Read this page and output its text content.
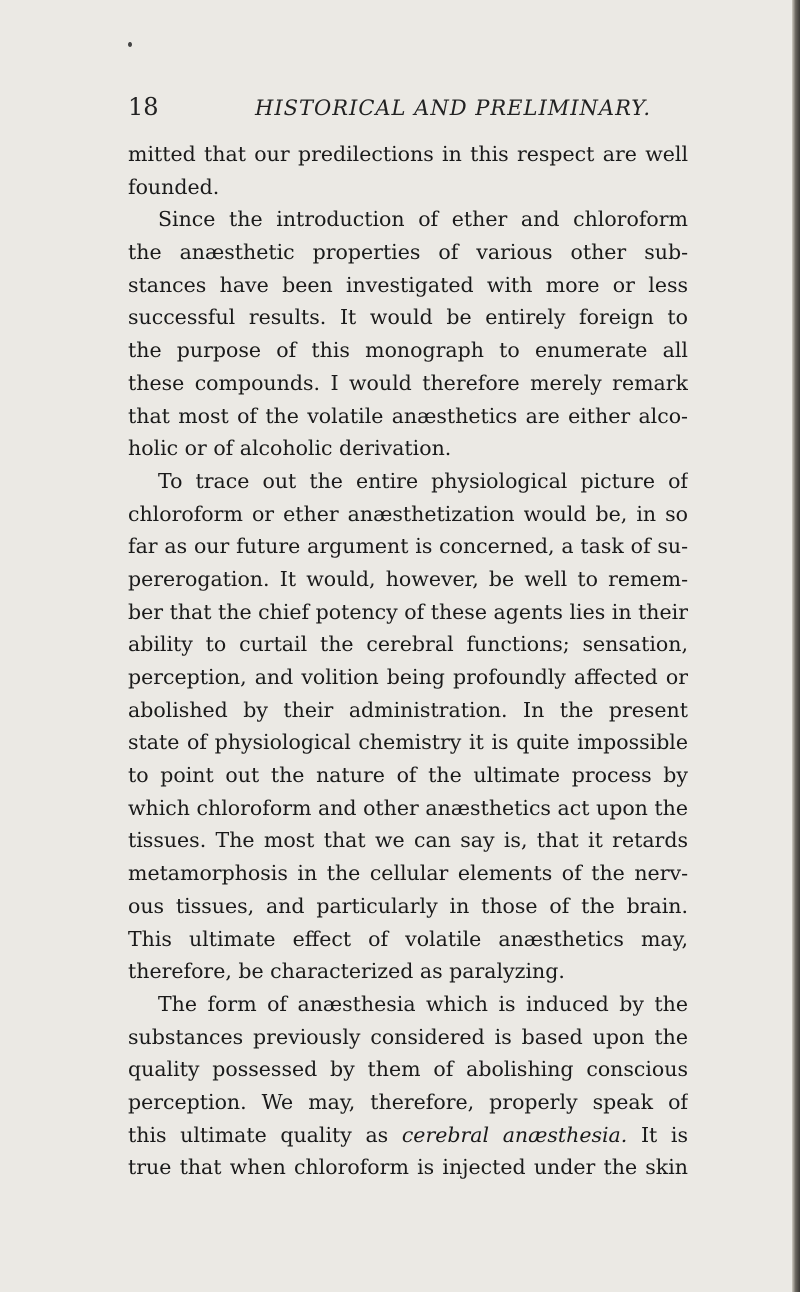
18	HISTORICAL AND PRELIMINARY.
mitted that our predilections in this respect are well
founded.
Since the introduction of ether and chloroform
the anæsthetic properties of various other sub-
stances have been investigated with more or less
successful results. It would be entirely foreign to
the purpose of this monograph to enumerate all
these compounds. I would therefore merely remark
that most of the volatile anæsthetics are either alco-
holic or of alcoholic derivation.
To trace out the entire physiological picture of
chloroform or ether anæsthetization would be, in so
far as our future argument is concerned, a task of su-
pererogation. It would, however, be well to remem-
ber that the chief potency of these agents lies in their
ability to curtail the cerebral functions; sensation,
perception, and volition being profoundly affected or
abolished by their administration. In the present
state of physiological chemistry it is quite impossible
to point out the nature of the ultimate process by
which chloroform and other anæsthetics act upon the
tissues. The most that we can say is, that it retards
metamorphosis in the cellular elements of the nerv-
ous tissues, and particularly in those of the brain.
This ultimate effect of volatile anæsthetics may,
therefore, be characterized as paralyzing.
The form of anæsthesia which is induced by the
substances previously considered is based upon the
quality possessed by them of abolishing conscious
perception. We may, therefore, properly speak of
this ultimate quality as cerebral anæsthesia. It is
true that when chloroform is injected under the skin
